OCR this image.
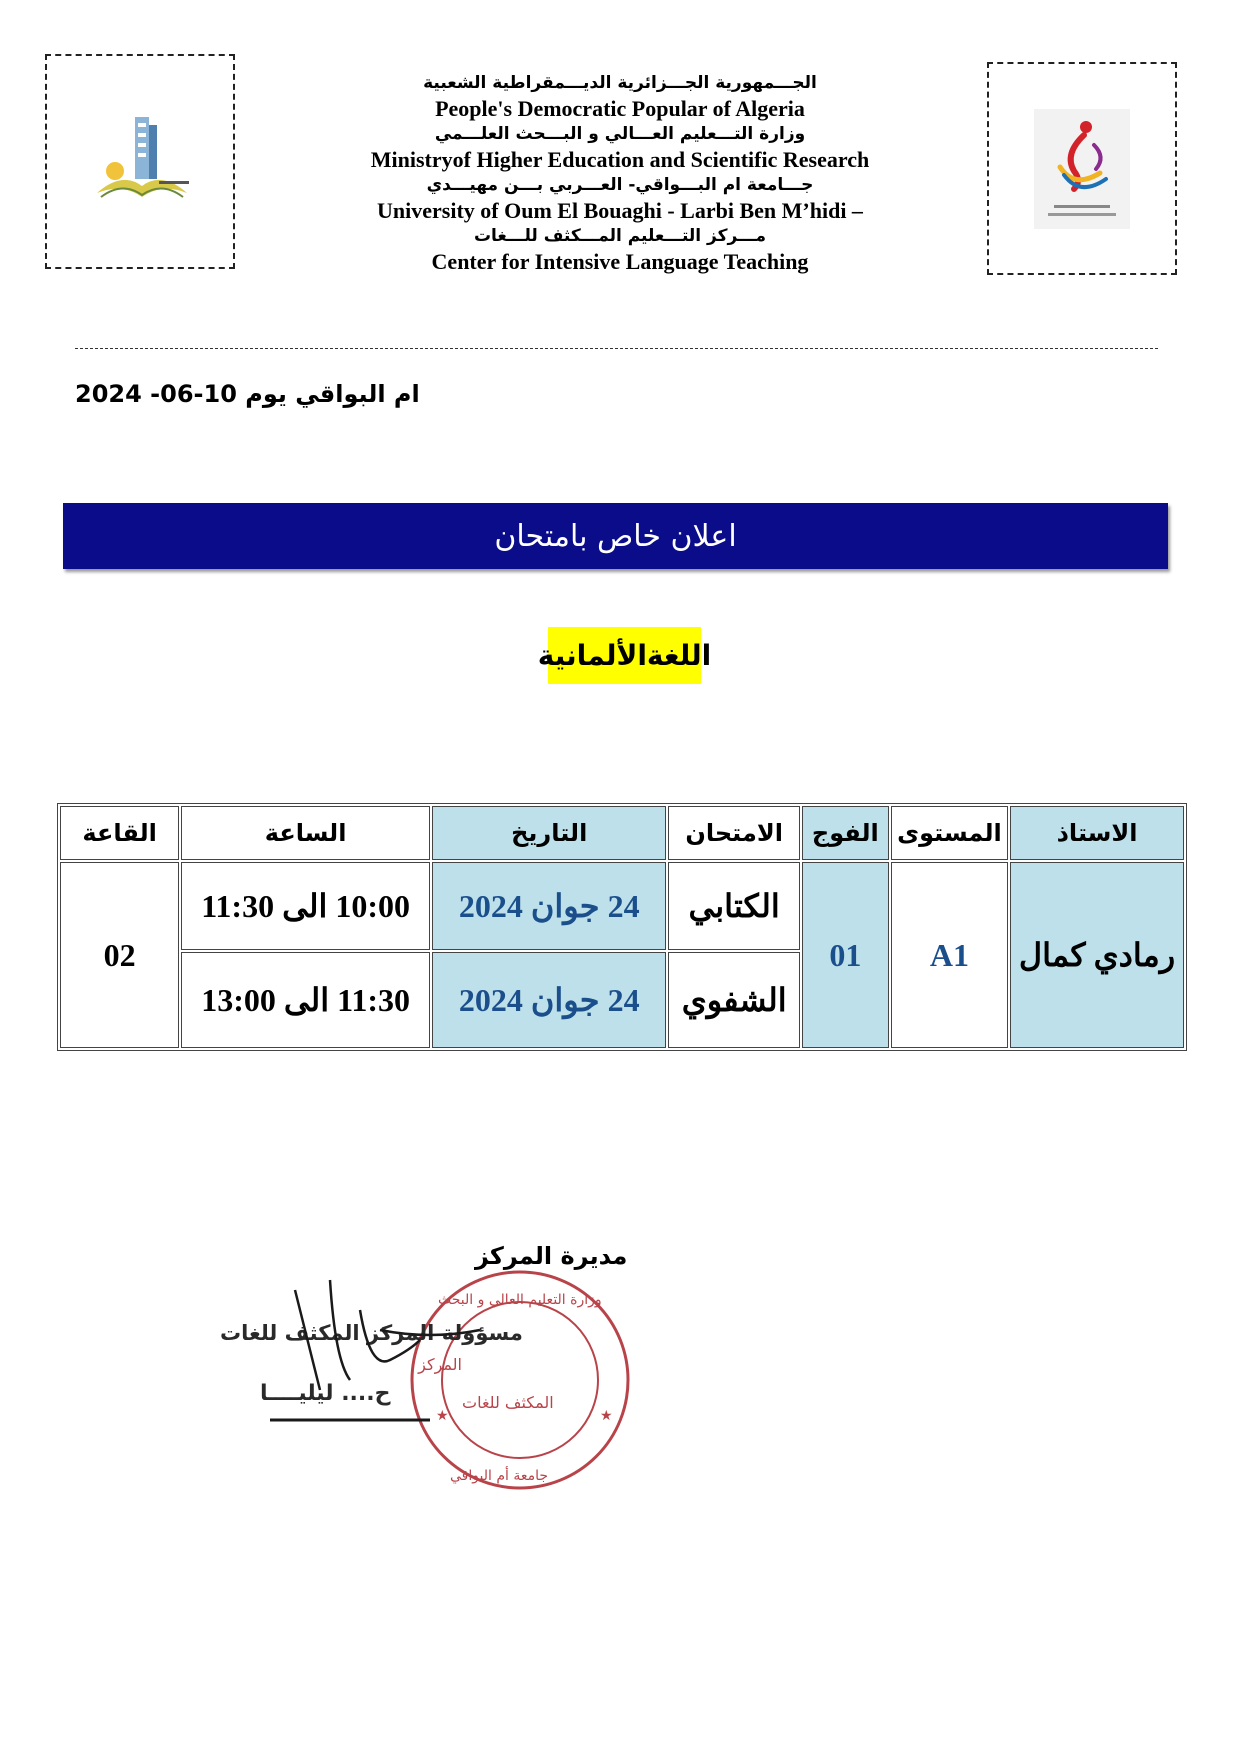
الجـــمهورية الجـــزائرية الديـــمقراطية الشعبية
People's Democratic Popular of Algeria
وزارة التـــعليم العـــالي و البـــحث العلـــمي
Ministryof Higher Education and Scientific Research
جـــامعة ام البـــواقي- العـــربي بـــن مهيـــدي
University of Oum El Bouaghi - Larbi Ben M’hidi –
مـــركز التـــعليم المـــكثف للـــغات
Center for Intensive Language Teaching
ام البواقي يوم 10-06- 2024
اعلان خاص بامتحان
اللغةالألمانية
القاعة	الساعة	التاريخ	الامتحان	الفوج	المستوى	الاستاذ
02	10:00 الى 11:30	24 جوان 2024	الكتابي	01	A1	رمادي كمال
	11:30 الى 13:00	24 جوان 2024	الشفوي			
مديرة المركز
المركز
المكثف للغات
جامعة أم البواقي
وزارة التعليم العالي و البحث
★
★
مسؤولة المركز المكثف للغات
ح.... ليليــــا
